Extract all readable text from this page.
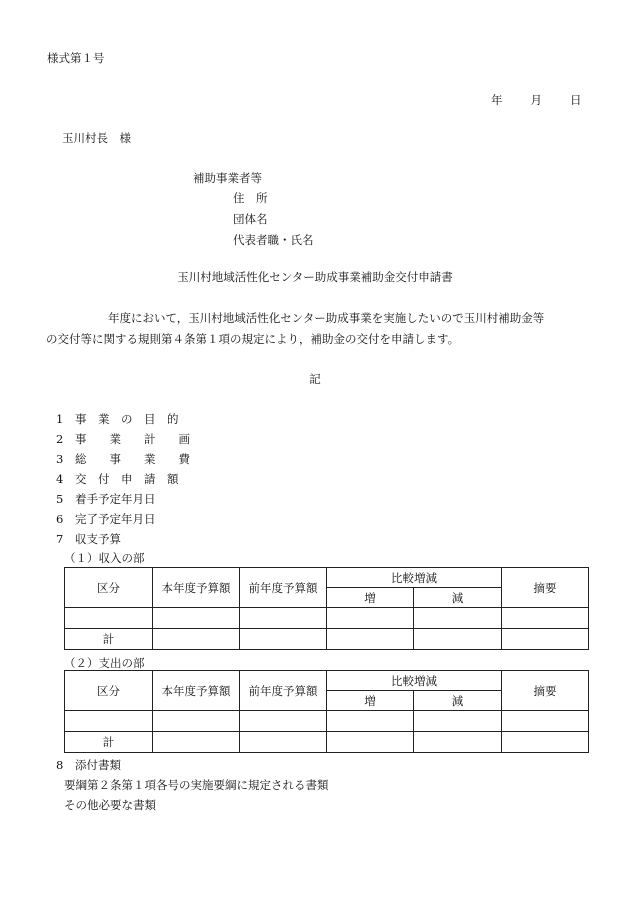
様式第１号
年 月 日
玉川村長　様
補助事業者等
住　所
団体名
代表者職・氏名
玉川村地域活性化センター助成事業補助金交付申請書
年度において，玉川村地域活性化センター助成事業を実施したいので玉川村補助金等
の交付等に関する規則第４条第１項の規定により，補助金の交付を申請します。
記
1 事　業　の　目　的
2 事　　業　　計　　画
3 総　　事　　業　　費
4 交　付　申　請　額
5 着手予定年月日
6 完了予定年月日
7 収支予算
（１）収入の部
区分	本年度予算額	前年度予算額	比較増減		摘要
			増	減	

計					
（２）支出の部
区分	本年度予算額	前年度予算額	比較増減		摘要
			増	減	

計					
8 添付書類
要綱第２条第１項各号の実施要綱に規定される書類
その他必要な書類
